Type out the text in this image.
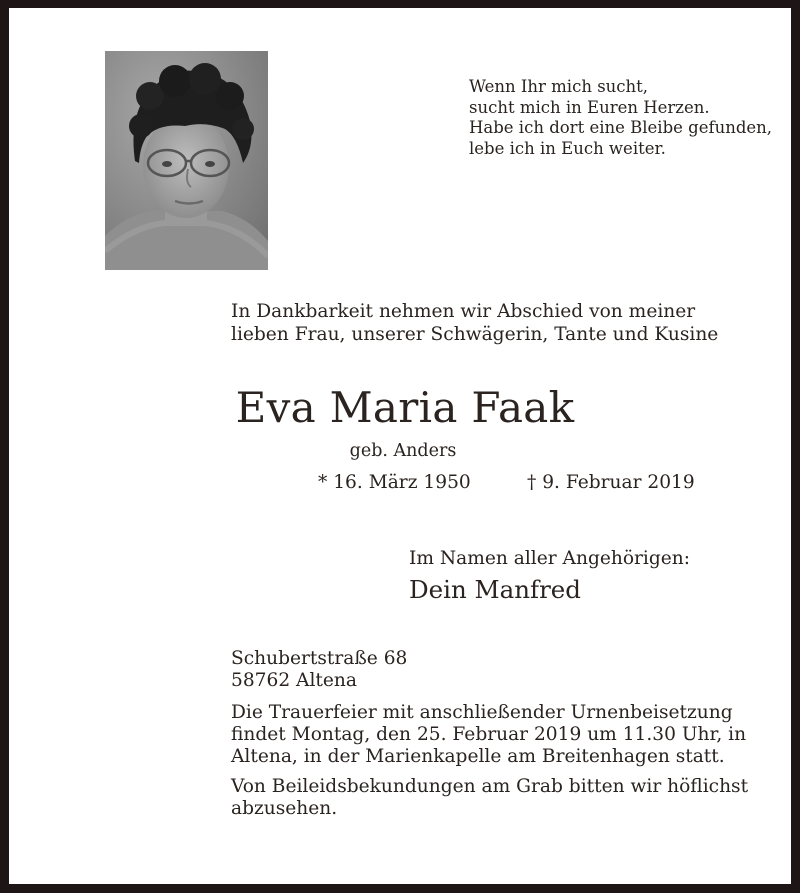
Wenn Ihr mich sucht,
sucht mich in Euren Herzen.
Habe ich dort eine Bleibe gefunden,
lebe ich in Euch weiter.
In Dankbarkeit nehmen wir Abschied von meiner
lieben Frau, unserer Schwägerin, Tante und Kusine
Eva Maria Faak
geb. Anders
* 16. März 1950	† 9. Februar 2019
Im Namen aller Angehörigen:
Dein Manfred
Schubertstraße 68
58762 Altena
Die Trauerfeier mit anschließender Urnenbeisetzung
findet Montag, den 25. Februar 2019 um 11.30 Uhr, in
Altena, in der Marienkapelle am Breitenhagen statt.
Von Beileidsbekundungen am Grab bitten wir höflichst
abzusehen.
